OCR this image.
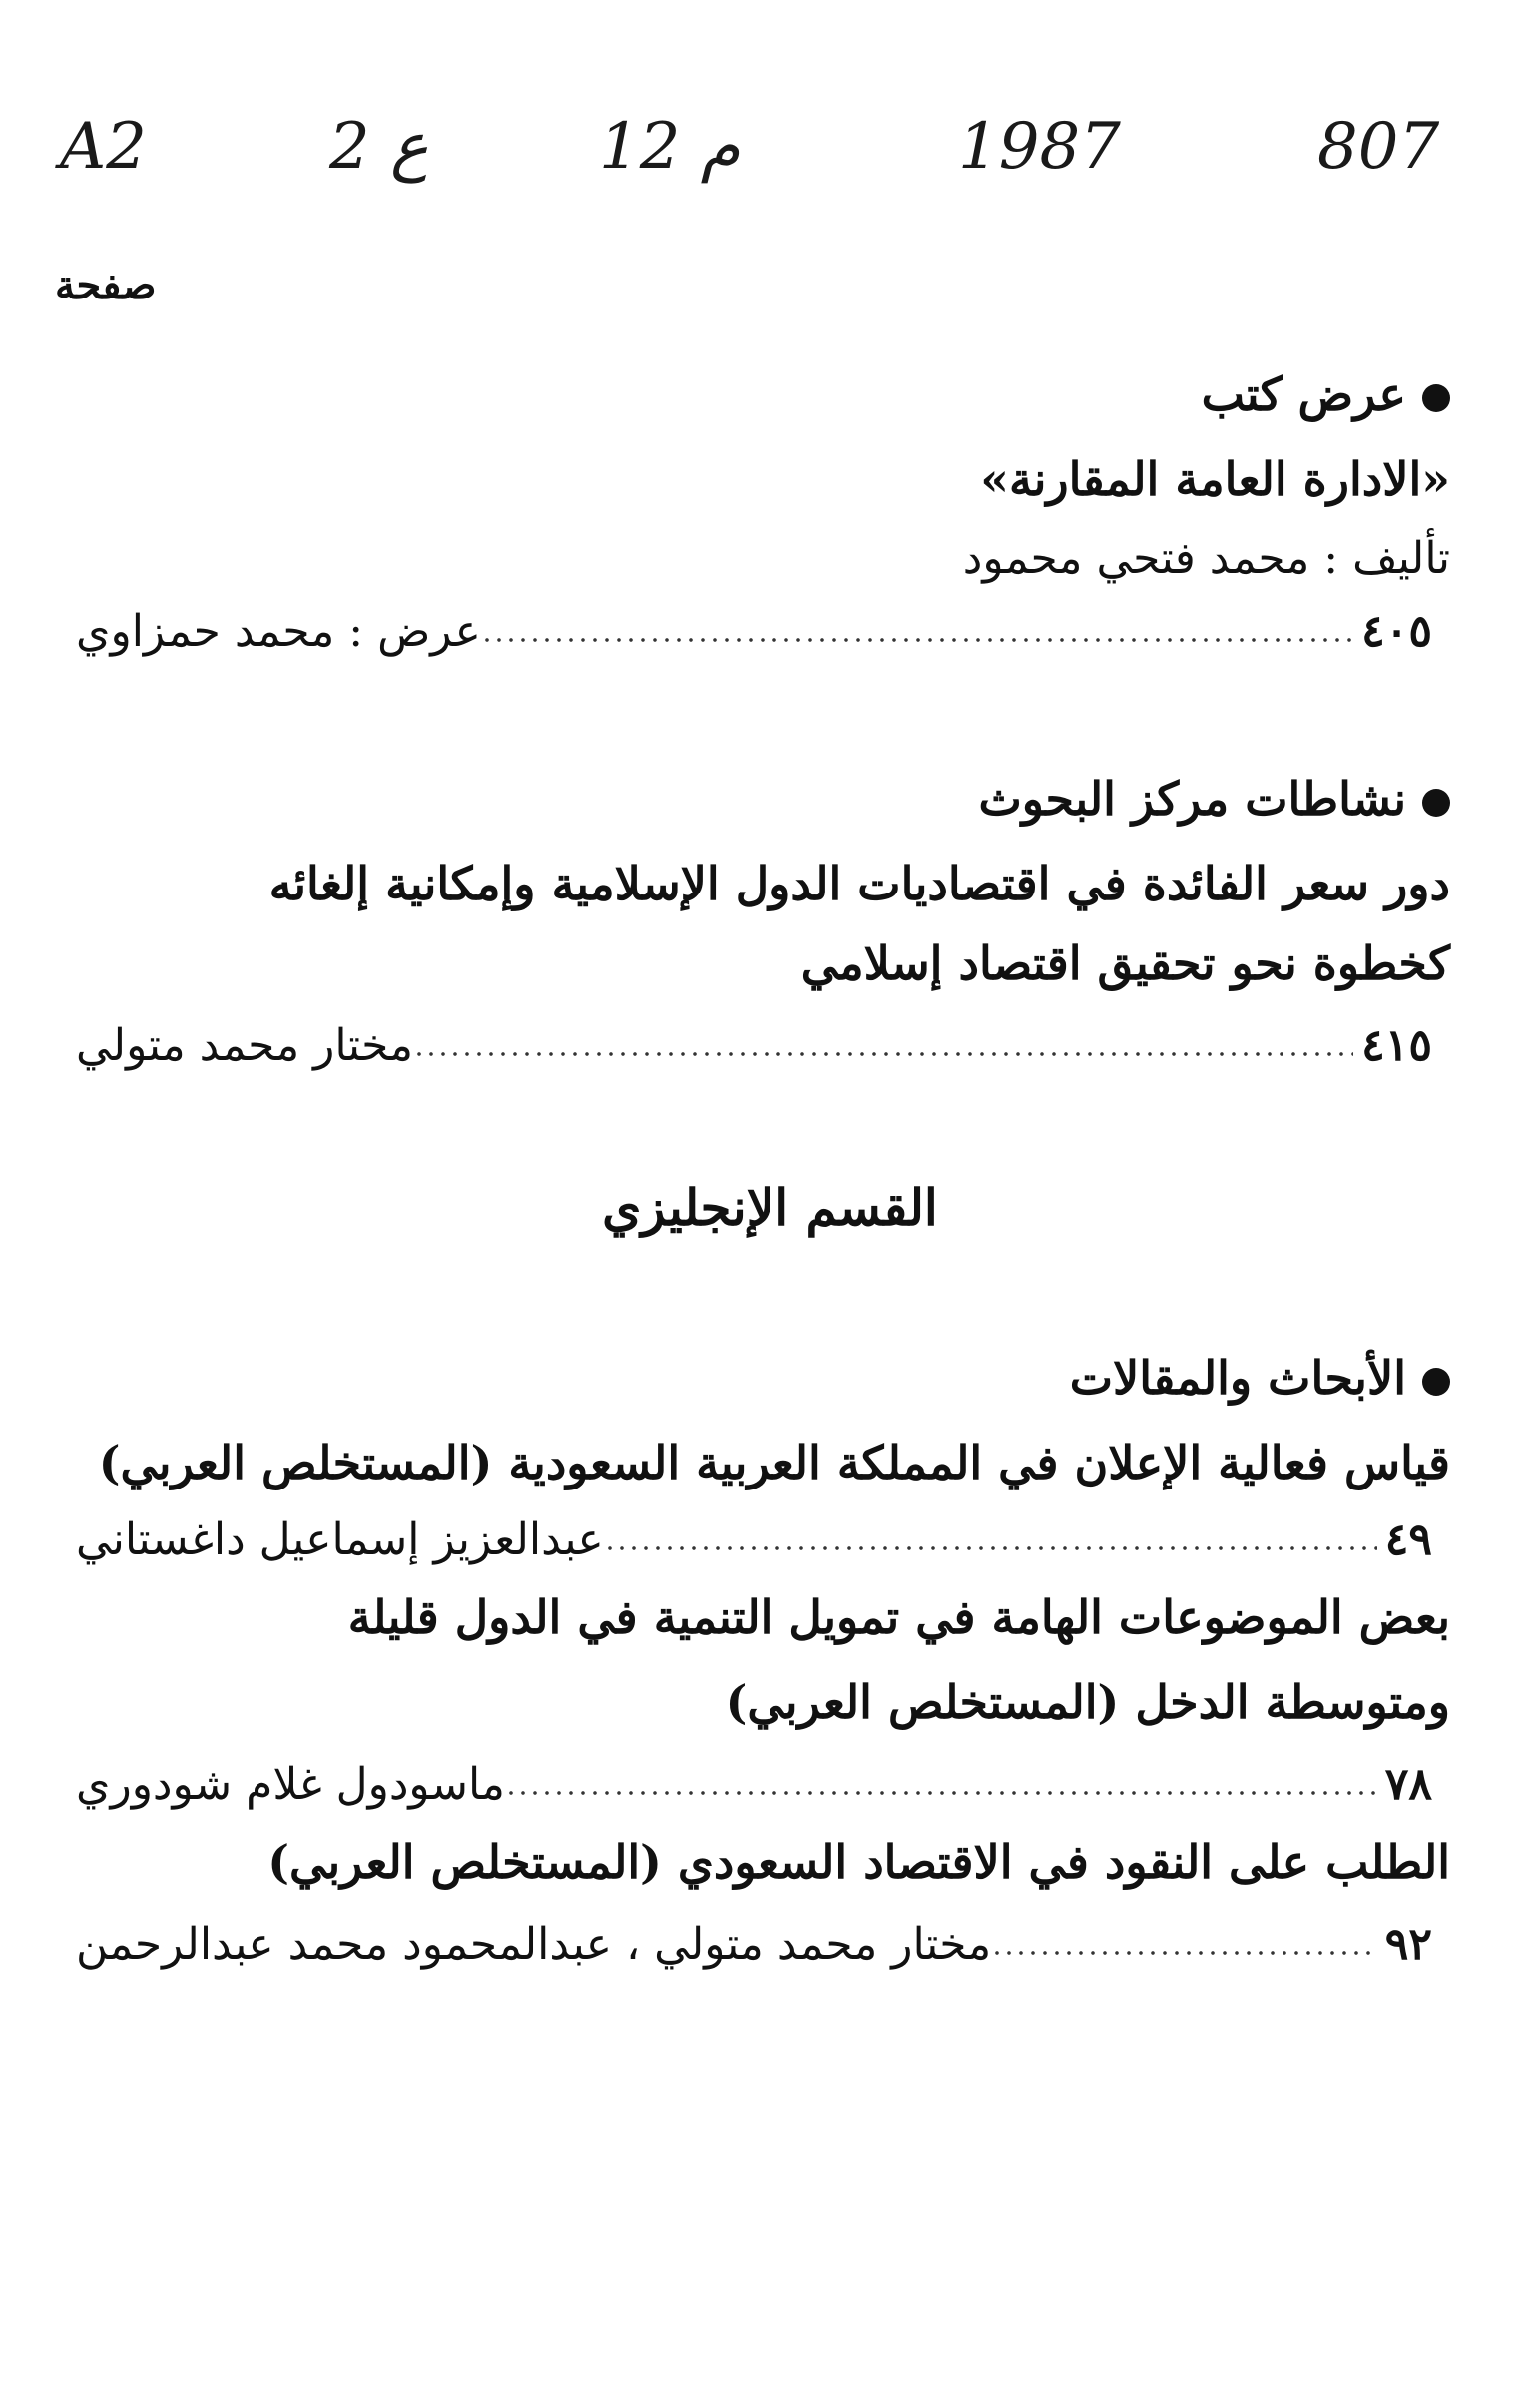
A2	2 ع	12 م	1987	807
صفحة
عرض كتب
«الادارة العامة المقارنة»
تأليف : محمد فتحي محمود
عرض : محمد حمزاوي	٤٠٥
نشاطات مركز البحوث
دور سعر الفائدة في اقتصاديات الدول الإسلامية وإمكانية إلغائه
كخطوة نحو تحقيق اقتصاد إسلامي
مختار محمد متولي	٤١٥
القسم الإنجليزي
الأبحاث والمقالات
قياس فعالية الإعلان في المملكة العربية السعودية (المستخلص العربي)
عبدالعزيز إسماعيل داغستاني	٤٩
بعض الموضوعات الهامة في تمويل التنمية في الدول قليلة
ومتوسطة الدخل (المستخلص العربي)
ماسودول غلام شودوري	٧٨
الطلب على النقود في الاقتصاد السعودي (المستخلص العربي)
مختار محمد متولي ، عبدالمحمود محمد عبدالرحمن	٩٢
